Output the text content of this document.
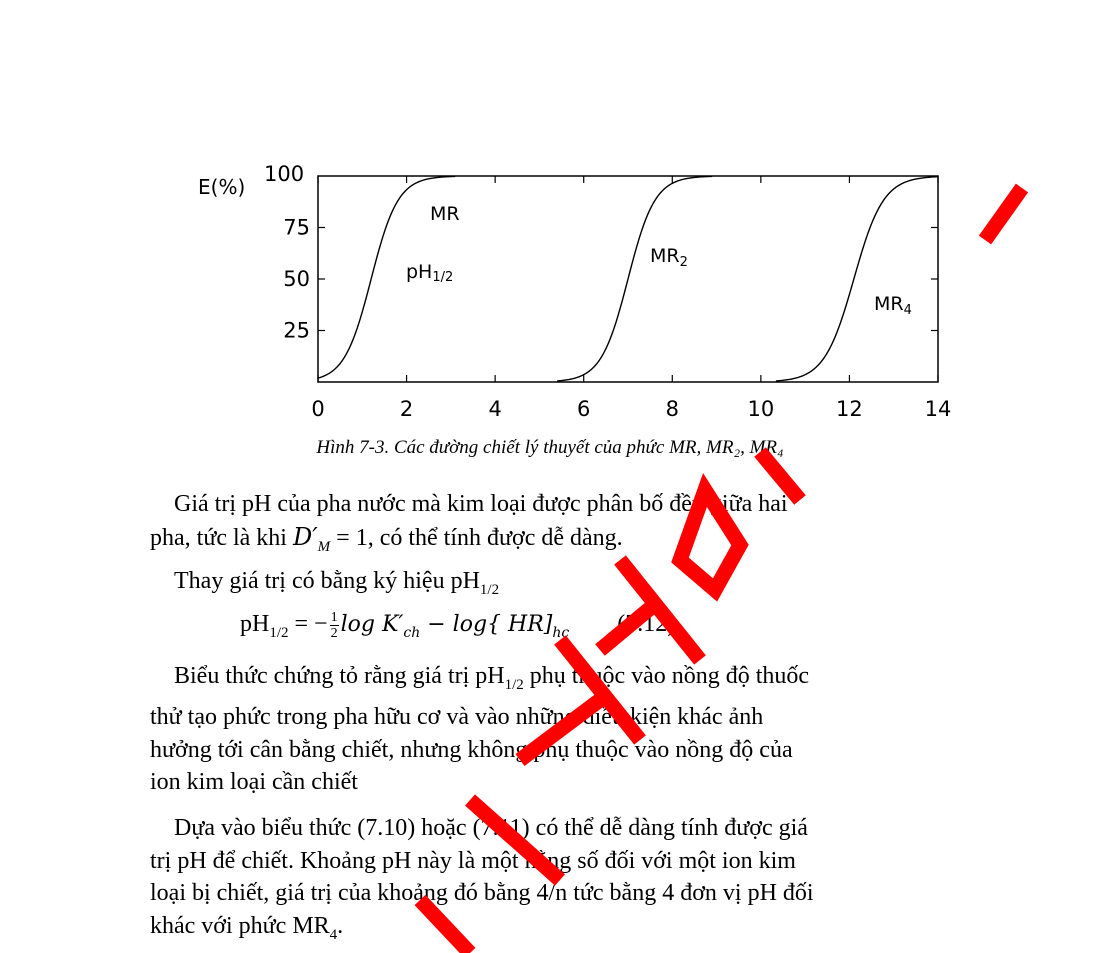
E(%)
100
25
50
75
0	2	4	6	8	10	12	14
MR
pH1/2
$MR_2$
$MR_4$
Hình 7-3. Các đường chiết lý thuyết của phức MR, MR₂, MR₄
Giá trị pH của pha nước mà kim loại được phân bố đều giữa hai
pha, tức là khi $D'_M = 1$, có thể tính được dễ dàng.
Thay giá trị có bằng ký hiệu $pH_{1/2}$
$pH_{1/2}$ = − $\frac{1}{2}$ $\log K'_{ch} - \log${ $HR]_{hc}$ (7.12)
Biểu thức chứng tỏ rằng giá trị $pH_{1/2}$ phụ thuộc vào nồng độ thuốc
thử tạo phức trong pha hữu cơ và vào những điều kiện khác ảnh
hưởng tới cân bằng chiết, nhưng không phụ thuộc vào nồng độ của
ion kim loại cần chiết
Dựa vào biểu thức (7.10) hoặc (7.11) có thể dễ dàng tính được giá
trị pH để chiết. Khoảng pH này là một hằng số đối với một ion kim
loại bị chiết, giá trị của khoảng đó bằng 4/n tức bằng 4 đơn vị pH đối
khác với phức $MR_4$.
